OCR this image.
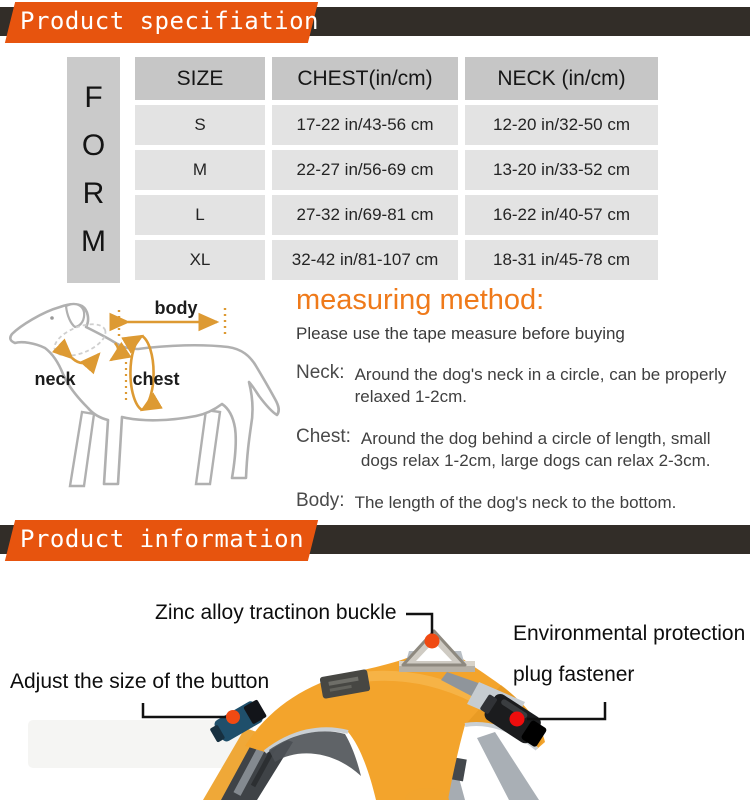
Product specifiation
F
O
R
M
SIZE	CHEST(in/cm)	NECK (in/cm)
S	17-22 in/43-56 cm	12-20 in/32-50 cm
M	22-27 in/56-69 cm	13-20 in/33-52 cm
L	27-32 in/69-81 cm	16-22 in/40-57 cm
XL	32-42 in/81-107 cm	18-31 in/45-78 cm
body
neck	chest
measuring method:
Please use the tape measure before buying
Neck: Around the dog's neck in a circle, can be properly relaxed 1-2cm.
Chest: Around the dog behind a circle of length, small dogs relax 1-2cm, large dogs can relax 2-3cm.
Body: The length of the dog's neck to the bottom.
Product information
Zinc alloy tractinon buckle
Environmental protection
plug fastener
Adjust the size of the button
